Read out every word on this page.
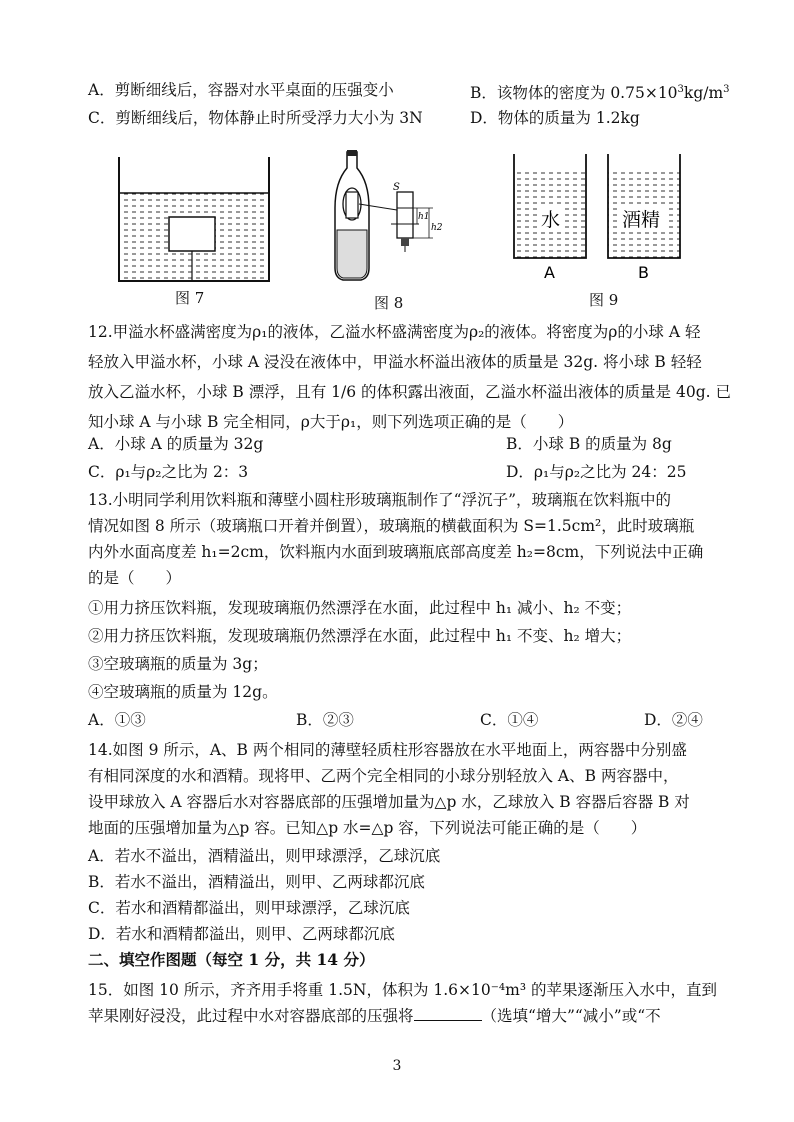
A．剪断细线后，容器对水平桌面的压强变小	B．该物体的密度为 $0.75\times 10^3kg/m^3$
C．剪断细线后，物体静止时所受浮力大小为 3N	D．物体的质量为 1.2kg
图 7
S
h1
h2
图 8
水	酒精
A	B
图 9
12.甲溢水杯盛满密度为ρ₁的液体，乙溢水杯盛满密度为ρ₂的液体。将密度为ρ的小球 A 轻
轻放入甲溢水杯，小球 A 浸没在液体中，甲溢水杯溢出液体的质量是 32g. 将小球 B 轻轻
放入乙溢水杯，小球 B 漂浮，且有 1/6 的体积露出液面，乙溢水杯溢出液体的质量是 40g. 已
知小球 A 与小球 B 完全相同，ρ大于ρ₁，则下列选项正确的是（　　）
A．小球 A 的质量为 32g	B．小球 B 的质量为 8g
C．ρ₁与ρ₂之比为 2：3	D．ρ₁与ρ₂之比为 24：25
13.小明同学利用饮料瓶和薄壁小圆柱形玻璃瓶制作了“浮沉子”，玻璃瓶在饮料瓶中的
情况如图 8 所示（玻璃瓶口开着并倒置），玻璃瓶的横截面积为 S=1.5cm²，此时玻璃瓶
内外水面高度差 h₁=2cm，饮料瓶内水面到玻璃瓶底部高度差 h₂=8cm，下列说法中正确
的是（　　）
①用力挤压饮料瓶，发现玻璃瓶仍然漂浮在水面，此过程中 h₁ 减小、h₂ 不变；
②用力挤压饮料瓶，发现玻璃瓶仍然漂浮在水面，此过程中 h₁ 不变、h₂ 增大；
③空玻璃瓶的质量为 3g；
④空玻璃瓶的质量为 12g。
A．①③	B．②③	C．①④	D．②④
14.如图 9 所示，A、B 两个相同的薄壁轻质柱形容器放在水平地面上，两容器中分别盛
有相同深度的水和酒精。现将甲、乙两个完全相同的小球分别轻放入 A、B 两容器中，
设甲球放入 A 容器后水对容器底部的压强增加量为△p 水，乙球放入 B 容器后容器 B 对
地面的压强增加量为△p 容。已知△p 水=△p 容，下列说法可能正确的是（　　）
A．若水不溢出，酒精溢出，则甲球漂浮，乙球沉底
B．若水不溢出，酒精溢出，则甲、乙两球都沉底
C．若水和酒精都溢出，则甲球漂浮，乙球沉底
D．若水和酒精都溢出，则甲、乙两球都沉底
二、填空作图题（每空 1 分，共 14 分）
15．如图 10 所示，齐齐用手将重 1.5N，体积为 1.6×10⁻⁴m³ 的苹果逐渐压入水中，直到
苹果刚好浸没，此过程中水对容器底部的压强将	（选填“增大”“减小”或“不
3
